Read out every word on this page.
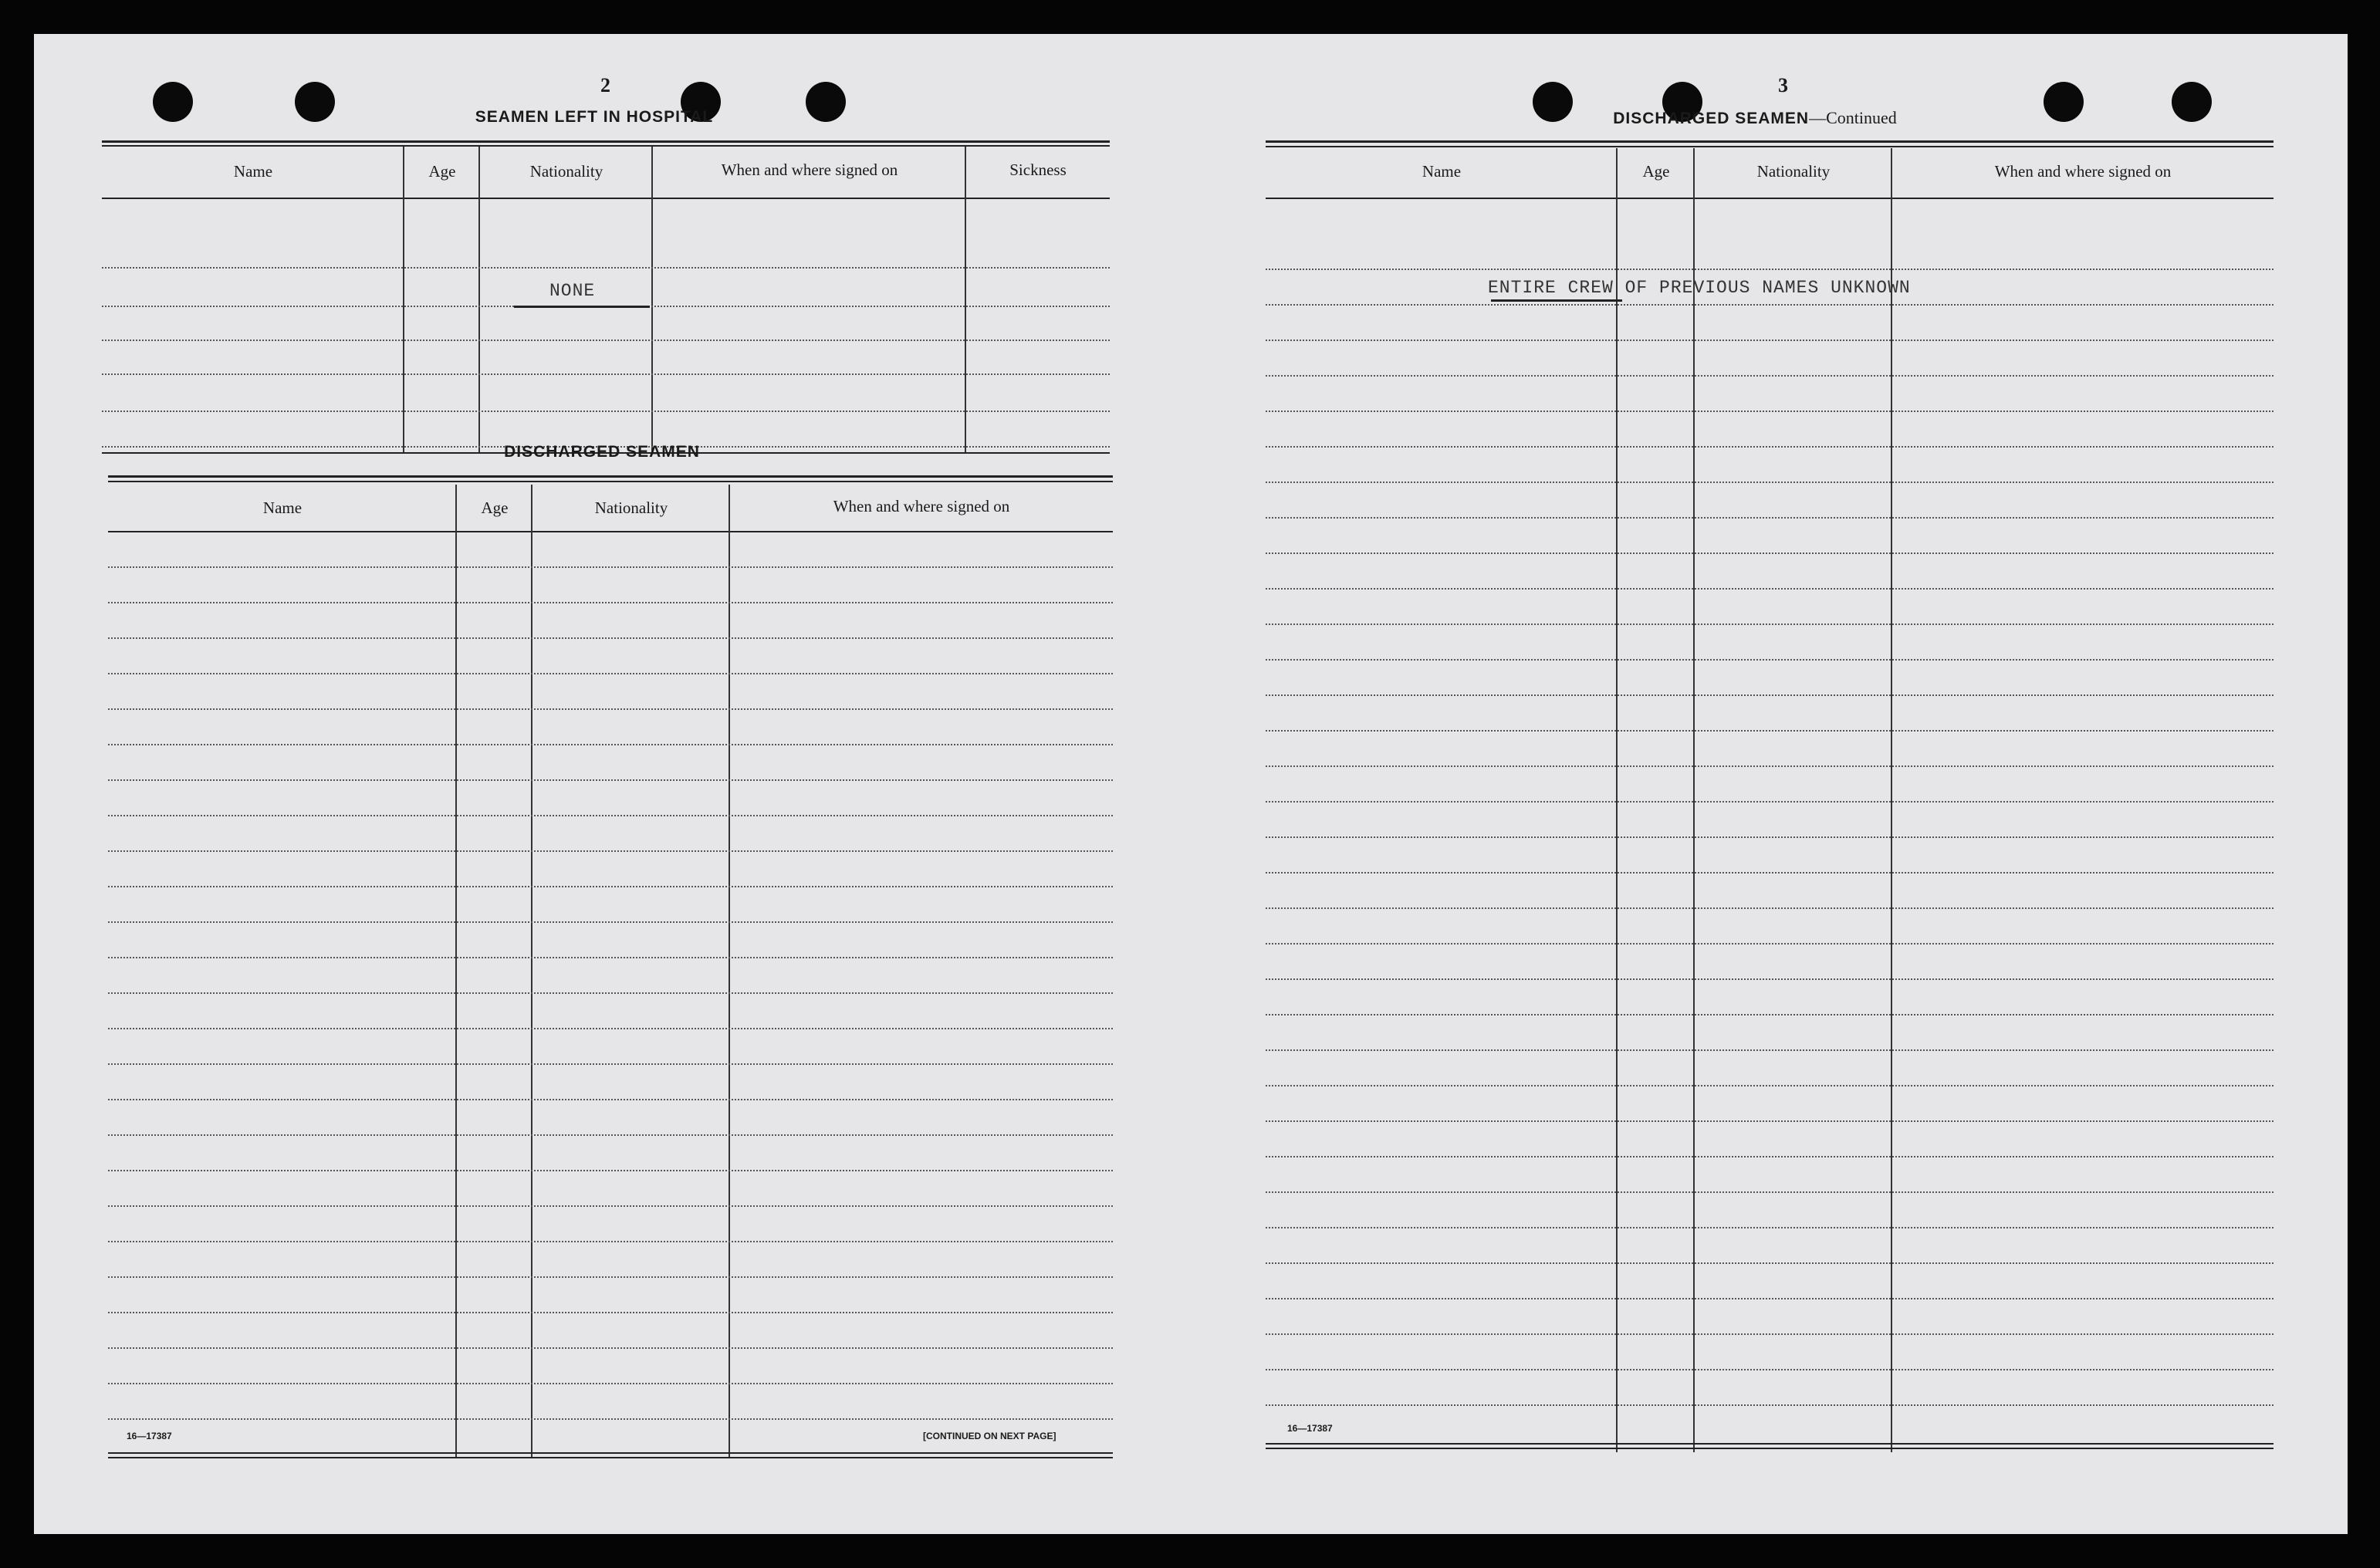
2
SEAMEN LEFT IN HOSPITAL
Name	Age	Nationality	When and where signed on	Sickness
NONE
DISCHARGED SEAMEN
Name	Age	Nationality	When and where signed on
16—17387	[CONTINUED ON NEXT PAGE]
3
DISCHARGED SEAMEN—Continued
Name	Age	Nationality	When and where signed on
ENTIRE CREW OF PREVIOUS NAMES UNKNOWN
16—17387
